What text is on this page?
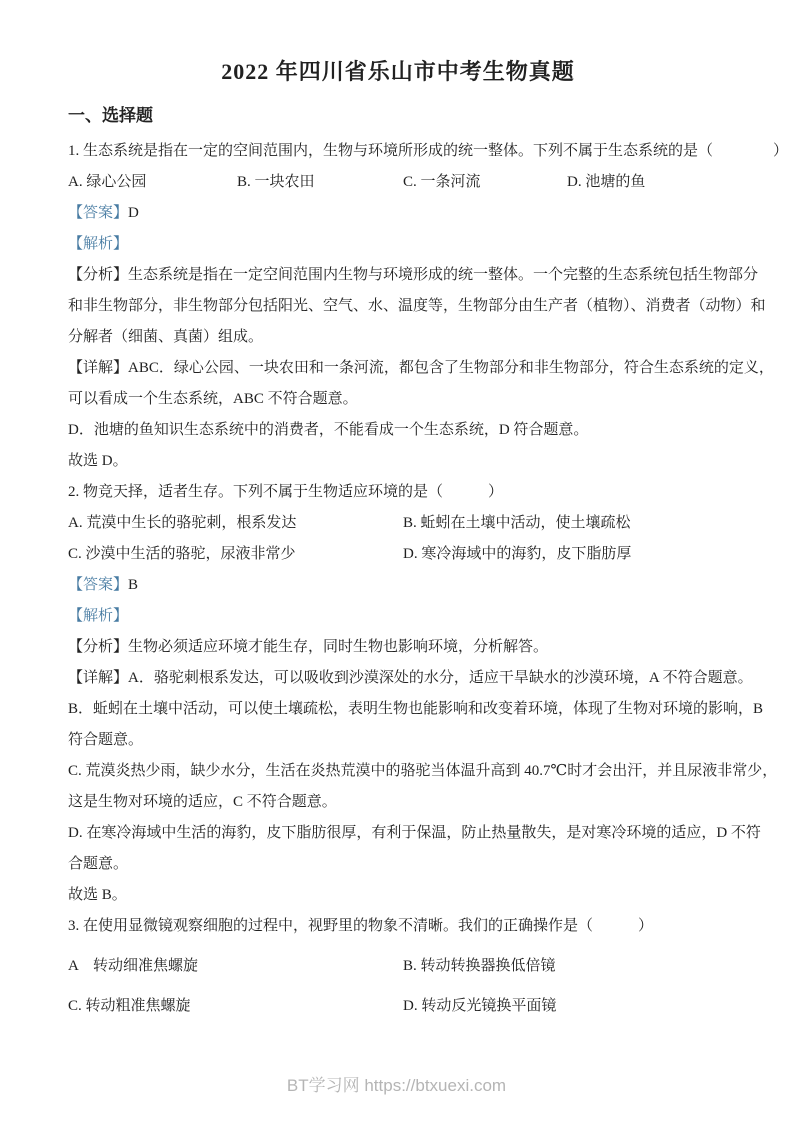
2022 年四川省乐山市中考生物真题
一、选择题
1. 生态系统是指在一定的空间范围内，生物与环境所形成的统一整体。下列不属于生态系统的是（　　　　）
A. 绿心公园	B. 一块农田	C. 一条河流	D. 池塘的鱼
【答案】D
【解析】
【分析】生态系统是指在一定空间范围内生物与环境形成的统一整体。一个完整的生态系统包括生物部分
和非生物部分，非生物部分包括阳光、空气、水、温度等，生物部分由生产者（植物）、消费者（动物）和
分解者（细菌、真菌）组成。
【详解】ABC．绿心公园、一块农田和一条河流，都包含了生物部分和非生物部分，符合生态系统的定义，
可以看成一个生态系统，ABC 不符合题意。
D．池塘的鱼知识生态系统中的消费者，不能看成一个生态系统，D 符合题意。
故选 D。
2. 物竞天择，适者生存。下列不属于生物适应环境的是（　　　）
A. 荒漠中生长的骆驼刺，根系发达	B. 蚯蚓在土壤中活动，使土壤疏松
C. 沙漠中生活的骆驼，尿液非常少	D. 寒冷海域中的海豹，皮下脂肪厚
【答案】B
【解析】
【分析】生物必须适应环境才能生存，同时生物也影响环境，分析解答。
【详解】A．骆驼刺根系发达，可以吸收到沙漠深处的水分，适应干旱缺水的沙漠环境，A 不符合题意。
B．蚯蚓在土壤中活动，可以使土壤疏松，表明生物也能影响和改变着环境，体现了生物对环境的影响，B
符合题意。
C. 荒漠炎热少雨，缺少水分，生活在炎热荒漠中的骆驼当体温升高到 40.7℃时才会出汗，并且尿液非常少，
这是生物对环境的适应，C 不符合题意。
D. 在寒冷海域中生活的海豹，皮下脂肪很厚，有利于保温，防止热量散失，是对寒冷环境的适应，D 不符
合题意。
故选 B。
3. 在使用显微镜观察细胞的过程中，视野里的物象不清晰。我们的正确操作是（　　　）
A　转动细准焦螺旋	B. 转动转换器换低倍镜
C. 转动粗准焦螺旋	D. 转动反光镜换平面镜
BT学习网 https://btxuexi.com
